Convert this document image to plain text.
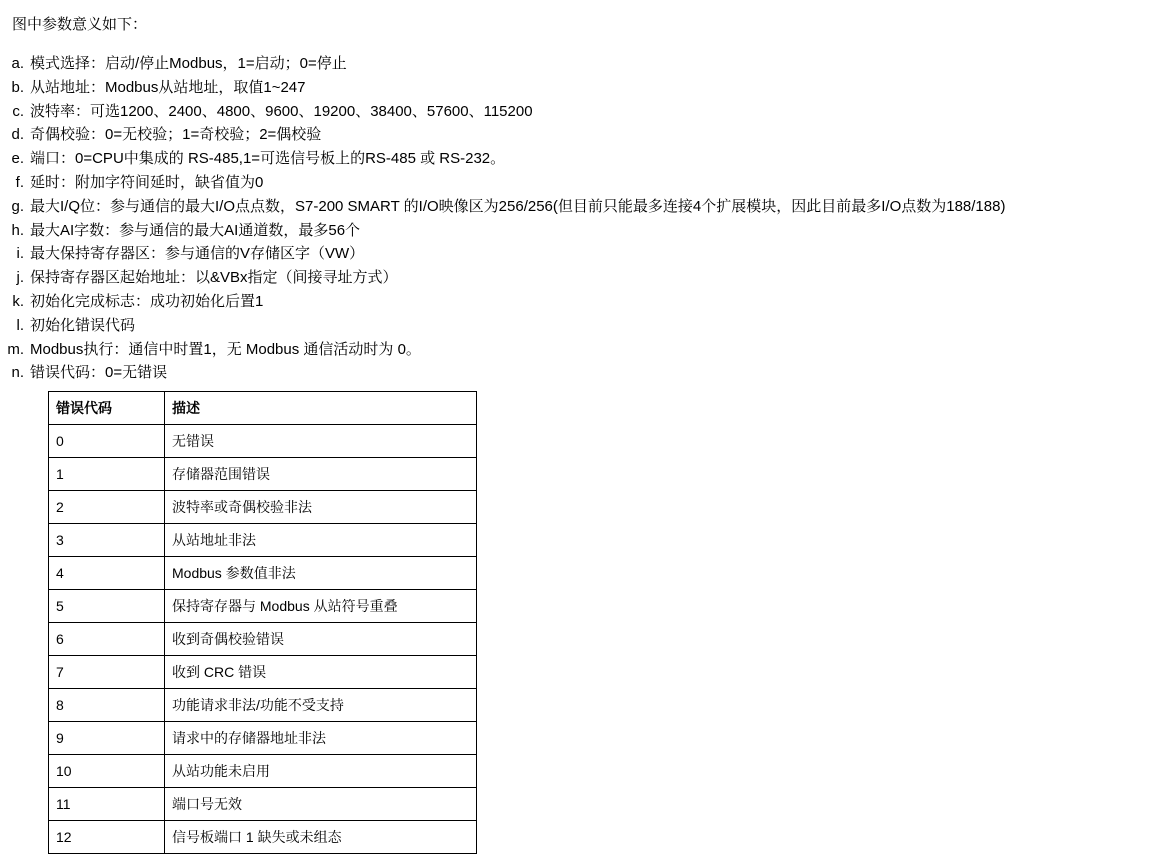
图中参数意义如下：
a. 模式选择：启动/停止Modbus，1=启动；0=停止
b. 从站地址：Modbus从站地址，取值1~247
c. 波特率：可选1200、2400、4800、9600、19200、38400、57600、115200
d. 奇偶校验：0=无校验；1=奇校验；2=偶校验
e. 端口：0=CPU中集成的 RS-485,1=可选信号板上的RS-485 或 RS-232。
f. 延时：附加字符间延时，缺省值为0
g. 最大I/Q位：参与通信的最大I/O点点数，S7-200 SMART 的I/O映像区为256/256(但目前只能最多连接4个扩展模块，因此目前最多I/O点数为188/188)
h. 最大AI字数：参与通信的最大AI通道数，最多56个
i. 最大保持寄存器区：参与通信的V存储区字（VW）
j. 保持寄存器区起始地址：以&VBx指定（间接寻址方式）
k. 初始化完成标志：成功初始化后置1
l. 初始化错误代码
m. Modbus执行：通信中时置1，无 Modbus 通信活动时为 0。
n. 错误代码：0=无错误
错误代码	描述
0	无错误
1	存储器范围错误
2	波特率或奇偶校验非法
3	从站地址非法
4	Modbus 参数值非法
5	保持寄存器与 Modbus 从站符号重叠
6	收到奇偶校验错误
7	收到 CRC 错误
8	功能请求非法/功能不受支持
9	请求中的存储器地址非法
10	从站功能未启用
11	端口号无效
12	信号板端口 1 缺失或未组态
